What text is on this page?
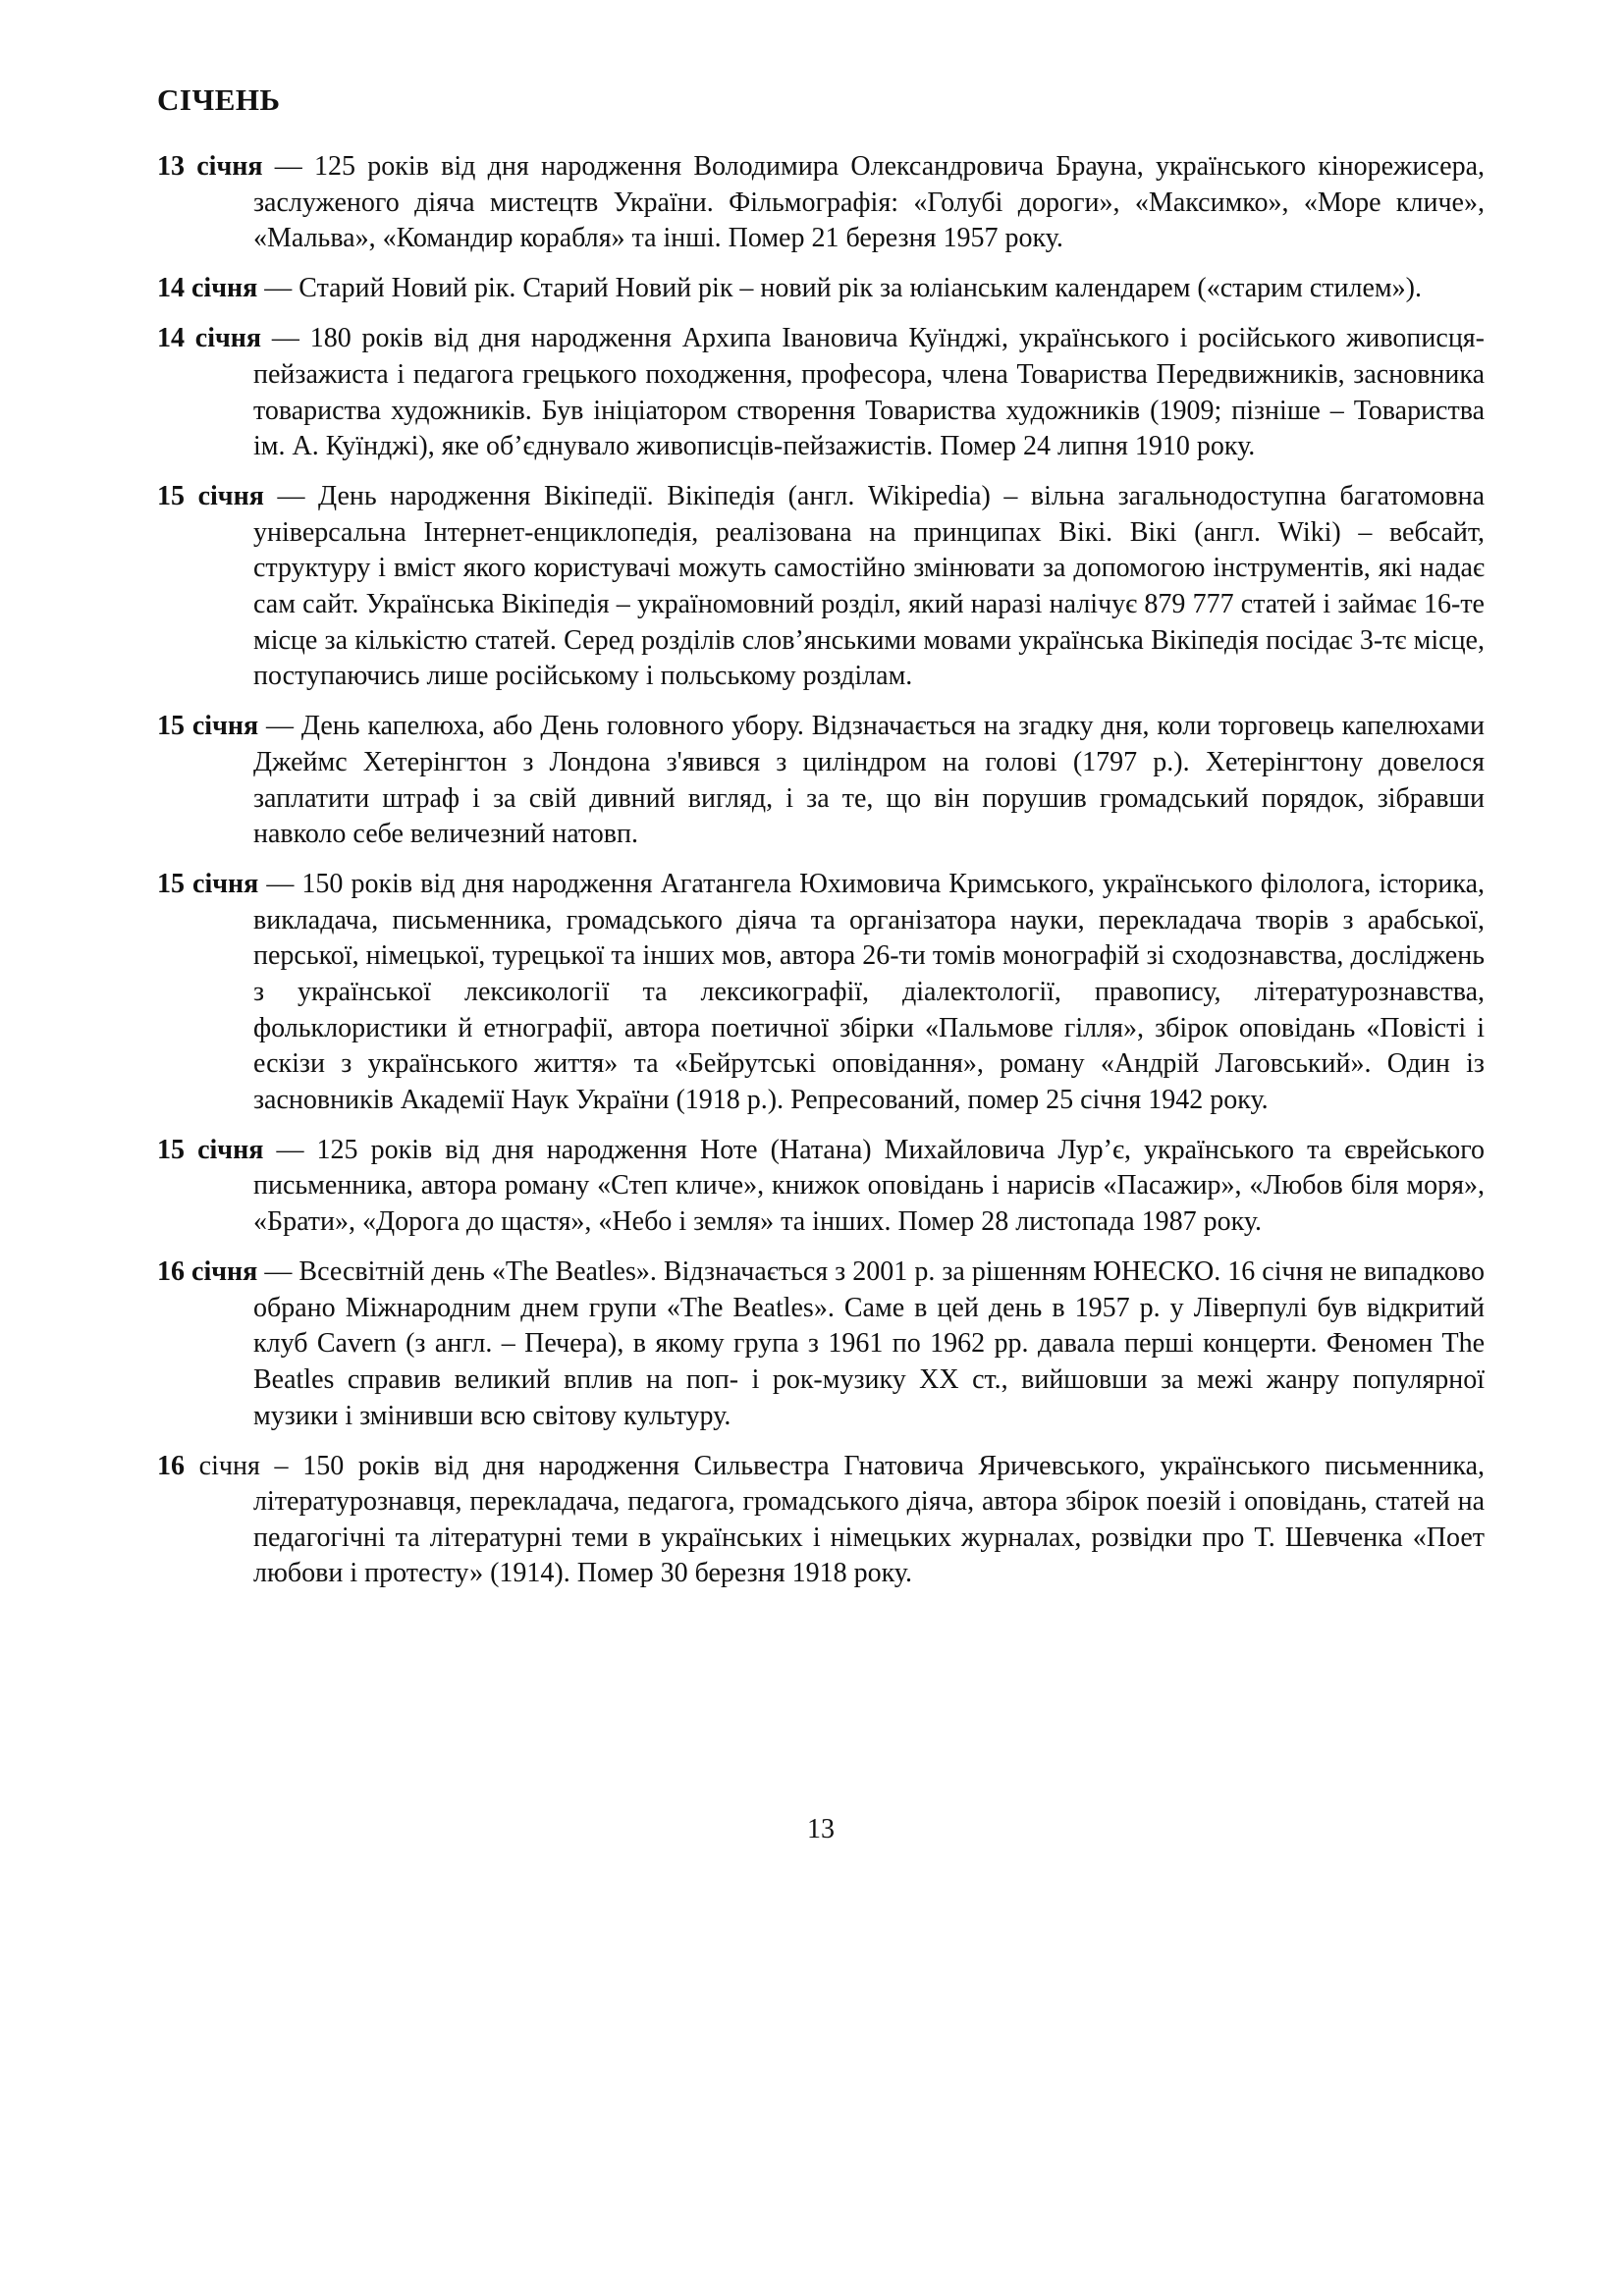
СІЧЕНЬ

13 січня — 125 років від дня народження Володимира Олександровича Брауна, українського кінорежисера, заслуженого діяча мистецтв України. Фільмографія: «Голубі дороги», «Максимко», «Море кличе», «Мальва», «Командир корабля» та інші. Помер 21 березня 1957 року.

14 січня — Старий Новий рік. Старий Новий рік – новий рік за юліанським календарем («старим стилем»).

14 січня — 180 років від дня народження Архипа Івановича Куїнджі, українського і російського живописця-пейзажиста і педагога грецького походження, професора, члена Товариства Передвижників, засновника товариства художників. Був ініціатором створення Товариства художників (1909; пізніше – Товариства ім. А. Куїнджі), яке об’єднувало живописців-пейзажистів. Помер 24 липня 1910 року.

15 січня — День народження Вікіпедії. Вікіпедія (англ. Wikipedia) – вільна загальнодоступна багатомовна універсальна Інтернет-енциклопедія, реалізована на принципах Вікі. Вікі (англ. Wiki) – вебсайт, структуру і вміст якого користувачі можуть самостійно змінювати за допомогою інструментів, які надає сам сайт. Українська Вікіпедія – україномовний розділ, який наразі налічує 879 777 статей і займає 16-те місце за кількістю статей. Серед розділів слов’янськими мовами українська Вікіпедія посідає 3-тє місце, поступаючись лише російському і польському розділам.

15 січня — День капелюха, або День головного убору. Відзначається на згадку дня, коли торговець капелюхами Джеймс Хетерінгтон з Лондона з'явився з циліндром на голові (1797 р.). Хетерінгтону довелося заплатити штраф і за свій дивний вигляд, і за те, що він порушив громадський порядок, зібравши навколо себе величезний натовп.

15 січня — 150 років від дня народження Агатангела Юхимовича Кримського, українського філолога, історика, викладача, письменника, громадського діяча та організатора науки, перекладача творів з арабської, перської, німецької, турецької та інших мов, автора 26-ти томів монографій зі сходознавства, досліджень з української лексикології та лексикографії, діалектології, правопису, літературознавства, фольклористики й етнографії, автора поетичної збірки «Пальмове гілля», збірок оповідань «Повісті і ескізи з українського життя» та «Бейрутські оповідання», роману «Андрій Лаговський». Один із засновників Академії Наук України (1918 р.). Репресований, помер 25 січня 1942 року.

15 січня — 125 років від дня народження Ноте (Натана) Михайловича Лур’є, українського та єврейського письменника, автора роману «Степ кличе», книжок оповідань і нарисів «Пасажир», «Любов біля моря», «Брати», «Дорога до щастя», «Небо і земля» та інших. Помер 28 листопада 1987 року.

16 січня — Всесвітній день «The Beatles». Відзначається з 2001 р. за рішенням ЮНЕСКО. 16 січня не випадково обрано Міжнародним днем групи «The Beatles». Саме в цей день в 1957 р. у Ліверпулі був відкритий клуб Cavern (з англ. – Печера), в якому група з 1961 по 1962 рр. давала перші концерти. Феномен The Beatles справив великий вплив на поп- і рок-музику XX ст., вийшовши за межі жанру популярної музики і змінивши всю світову культуру.

16 січня – 150 років від дня народження Сильвестра Гнатовича Яричевського, українського письменника, літературознавця, перекладача, педагога, громадського діяча, автора збірок поезій і оповідань, статей на педагогічні та літературні теми в українських і німецьких журналах, розвідки про Т. Шевченка «Поет любови і протесту» (1914). Помер 30 березня 1918 року.

13
